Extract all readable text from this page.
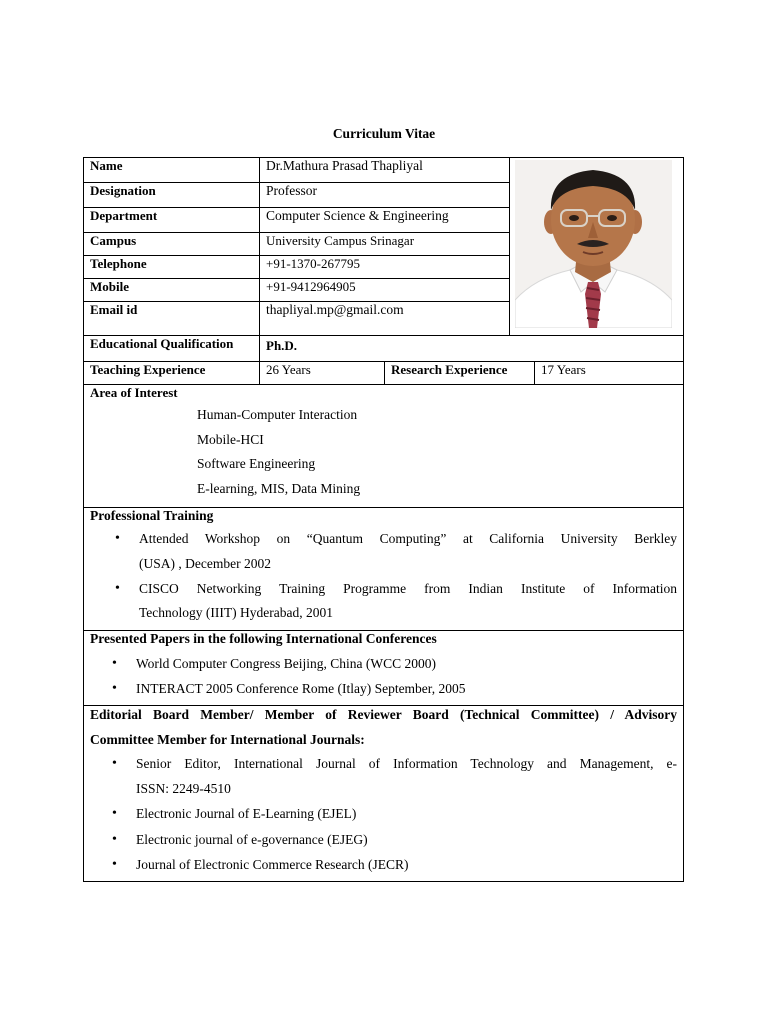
Curriculum Vitae
Name	Dr.Mathura Prasad Thapliyal
Designation	Professor
Department	Computer Science & Engineering
Campus	University Campus Srinagar
Telephone	+91-1370-267795
Mobile	+91-9412964905
Email id	thapliyal.mp@gmail.com
Educational Qualification	Ph.D.
Teaching Experience	26 Years	Research Experience	17 Years
Area of Interest
Human-Computer Interaction
Mobile-HCI
Software Engineering
E-learning, MIS, Data Mining
Professional Training
• Attended Workshop on “Quantum Computing” at California University Berkley
(USA) , December 2002
• CISCO Networking Training Programme from Indian Institute of Information
Technology (IIIT) Hyderabad, 2001
Presented Papers in the following International Conferences
• World Computer Congress Beijing, China (WCC 2000)
• INTERACT 2005 Conference Rome (Itlay) September, 2005
Editorial Board Member/ Member of Reviewer Board (Technical Committee) / Advisory
Committee Member for International Journals:
• Senior Editor, International Journal of Information Technology and Management, e-
ISSN: 2249-4510
• Electronic Journal of E-Learning (EJEL)
• Electronic journal of e-governance (EJEG)
• Journal of Electronic Commerce Research (JECR)
